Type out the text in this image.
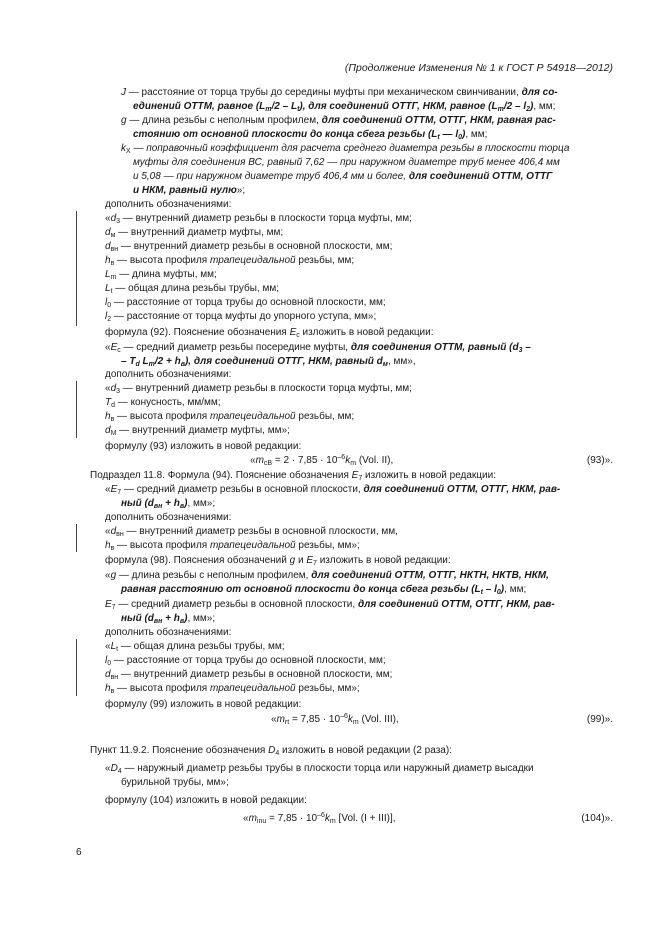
(Продолжение Изменения № 1 к ГОСТ Р 54918—2012)
J — расстояние от торца трубы до середины муфты при механическом свинчивании, для со-
единений ОТТМ, равное $(L_m/2 - L_t)$, для соединений ОТТГ, НКМ, равное $(L_m/2 - l_2)$, мм;
g — длина резьбы с неполным профилем, для соединений ОТТМ, ОТТГ, НКМ, равная рас-
стоянию от основной плоскости до конца сбега резьбы ($L_t$ — $l_0$), мм;
$k_X$ — поправочный коэффициент для расчета среднего диаметра резьбы в плоскости торца
муфты для соединения ВС, равный 7,62 — при наружном диаметре труб менее 406,4 мм
и 5,08 — при наружном диаметре труб 406,4 мм и более, для соединений ОТТМ, ОТТГ
и НКМ, равный нулю»;
дополнить обозначениями:
«$d_3$ — внутренний диаметр резьбы в плоскости торца муфты, мм;
$d_м$ — внутренний диаметр муфты, мм;
$d_{вн}$ — внутренний диаметр резьбы в основной плоскости, мм;
$h_в$ — высота профиля трапецеидальной резьбы, мм;
$L_m$ — длина муфты, мм;
$L_t$ — общая длина резьбы трубы, мм;
$l_0$ — расстояние от торца трубы до основной плоскости, мм;
$l_2$ — расстояние от торца муфты до упорного уступа, мм»;
формула (92). Пояснение обозначения $E_c$ изложить в новой редакции:
«$E_c$ — средний диаметр резьбы посередине муфты, для соединения ОТТМ, равный ($d_3$ –
– $T_d$ $L_m/2 + h_в$), для соединений ОТТГ, НКМ, равный $d_м$, мм»,
дополнить обозначениями:
«$d_3$ — внутренний диаметр резьбы в плоскости торца муфты, мм;
$T_d$ — конусность, мм/мм;
$h_в$ — высота профиля трапецеидальной резьбы, мм;
$d_М$ — внутренний диаметр муфты, мм»;
формулу (93) изложить в новой редакции:
Подраздел 11.8. Формула (94). Пояснение обозначения $E_7$ изложить в новой редакции:
«$E_7$ — средний диаметр резьбы в основной плоскости, для соединений ОТТМ, ОТТГ, НКМ, рав-
ный $(d_{вн} + h_в)$, мм»;
дополнить обозначениями:
«$d_{вн}$ — внутренний диаметр резьбы в основной плоскости, мм,
$h_в$ — высота профиля трапецеидальной резьбы, мм»;
формула (98). Пояснения обозначений g и $E_7$ изложить в новой редакции:
«g — длина резьбы с неполным профилем, для соединений ОТТМ, ОТТГ, НКТН, НКТВ, НКМ,
равная расстоянию от основной плоскости до конца сбега резьбы $(L_t - l_0)$, мм;
$E_7$ — средний диаметр резьбы в основной плоскости, для соединений ОТТМ, ОТТГ, НКМ, рав-
ный $(d_{вн} + h_в)$, мм»;
дополнить обозначениями:
«$L_t$ — общая длина резьбы трубы, мм;
$l_0$ — расстояние от торца трубы до основной плоскости, мм;
$d_{вн}$ — внутренний диаметр резьбы в основной плоскости, мм;
$h_в$ — высота профиля трапецеидальной резьбы, мм»;
формулу (99) изложить в новой редакции:
Пункт 11.9.2. Пояснение обозначения $D_4$ изложить в новой редакции (2 раза):
«$D_4$ — наружный диаметр резьбы трубы в плоскости торца или наружный диаметр высадки
бурильной трубы, мм»;
формулу (104) изложить в новой редакции:
«$m_{cB} = 2 \cdot 7,85 \cdot 10^{-6}k_m$ (Vol. II),	(93)».
«$m_{rt} = 7,85 \cdot 10^{-6}k_m$ (Vol. III),	(99)».
«$m_{inu} = 7,85 \cdot 10^{-6}k_m$ [Vol. (I + III)],	(104)».
6
